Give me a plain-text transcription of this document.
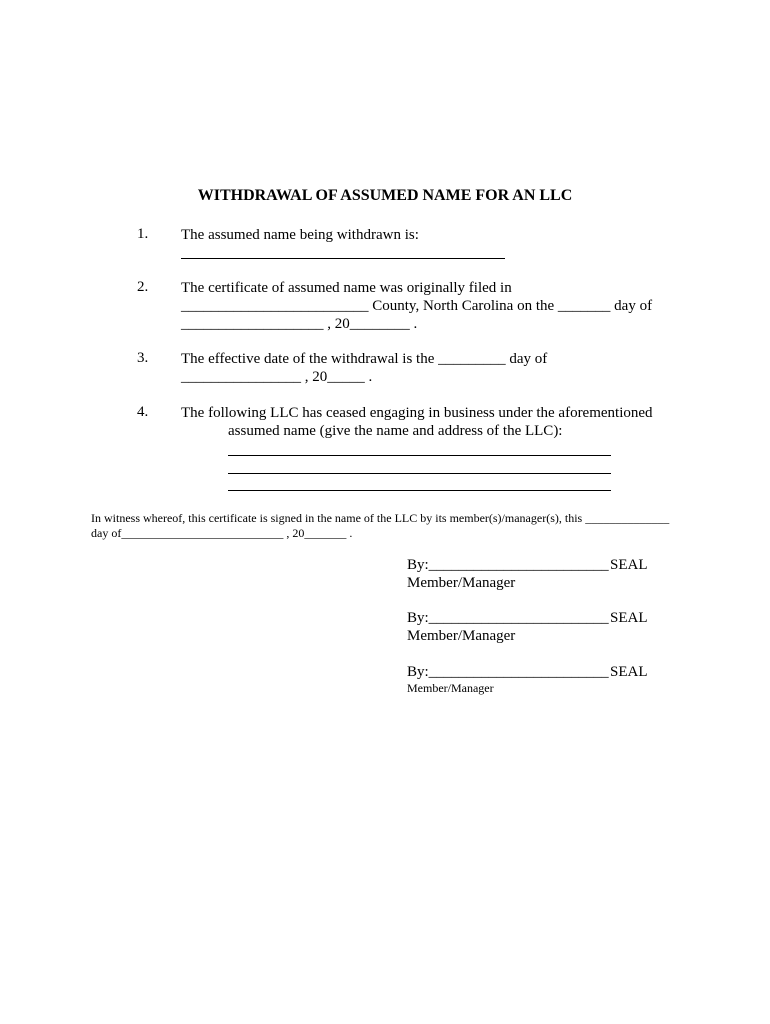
WITHDRAWAL OF ASSUMED NAME FOR AN LLC
1. The assumed name being withdrawn is:
2. The certificate of assumed name was originally filed in
_________________________ County, North Carolina on the _______ day of
___________________ , 20________ .
3. The effective date of the withdrawal is the _________ day of
________________ , 20_____ .
4. The following LLC has ceased engaging in business under the aforementioned
assumed name (give the name and address of the LLC):
In witness whereof, this certificate is signed in the name of the LLC by its member(s)/manager(s), this ______________
day of___________________________ , 20_______ .
By:________________________ SEAL
Member/Manager
By:________________________ SEAL
Member/Manager
By:________________________ SEAL
Member/Manager
